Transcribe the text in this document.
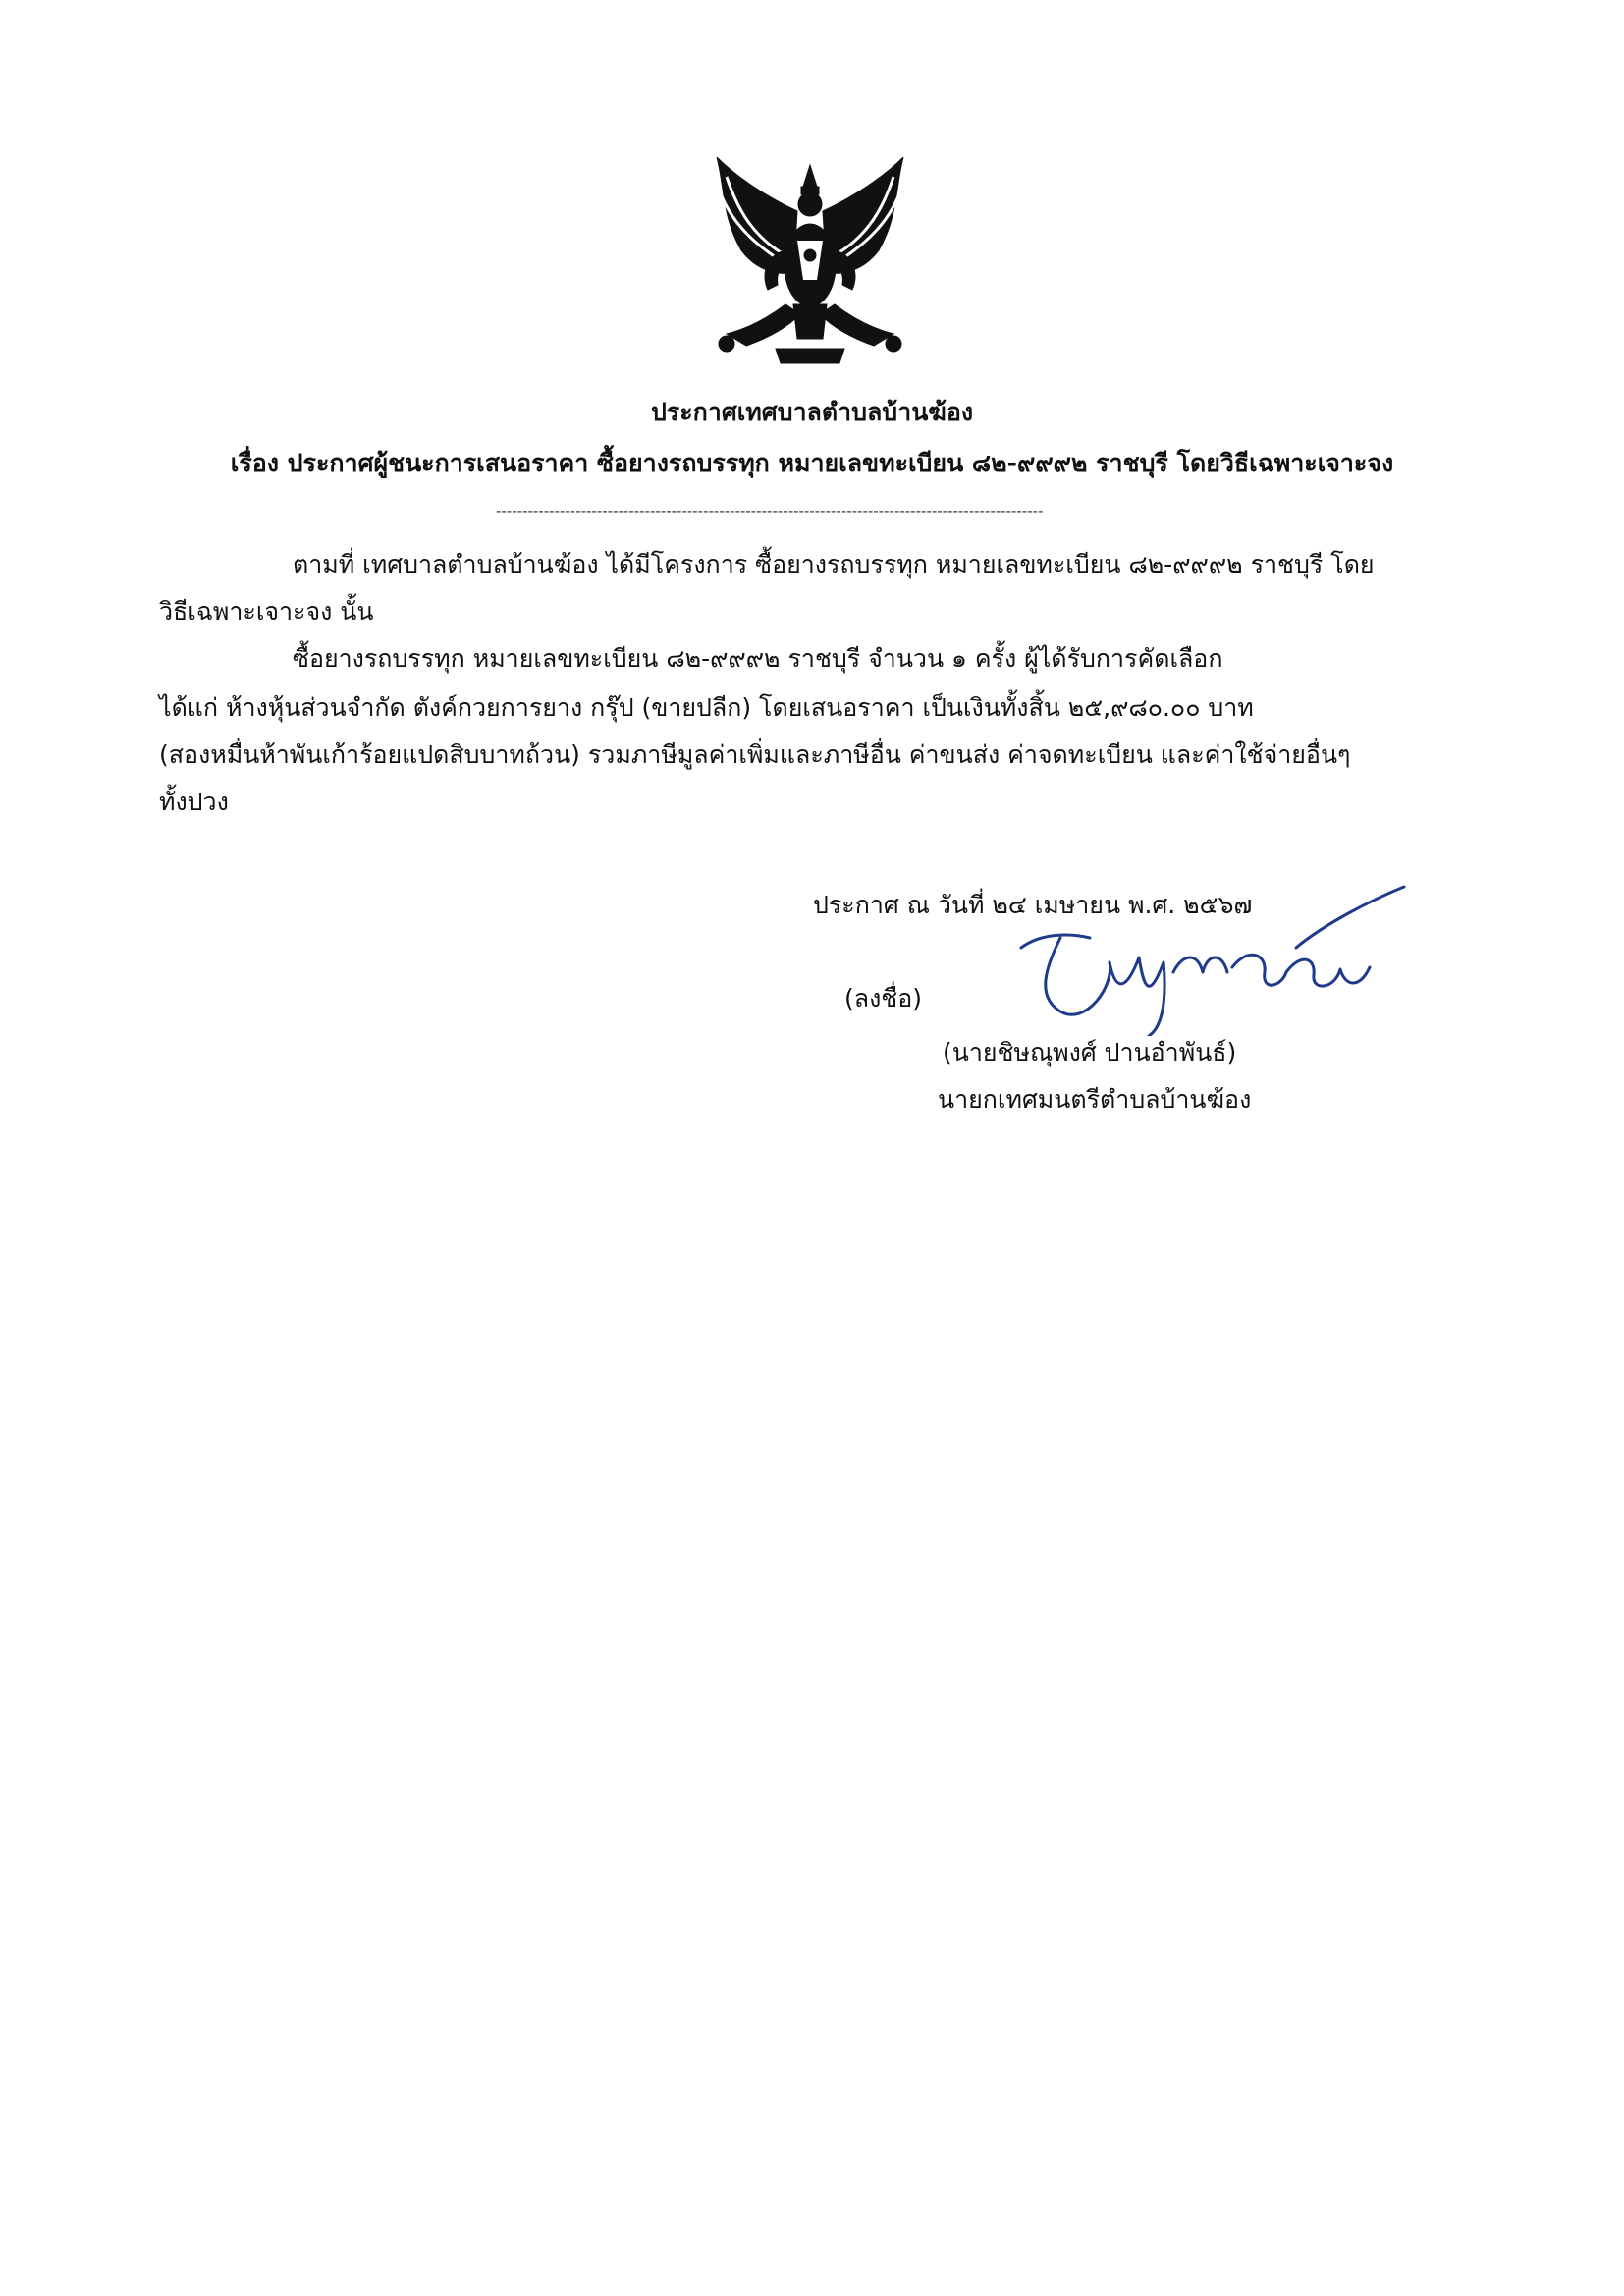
ประกาศเทศบาลตำบลบ้านฆ้อง
เรื่อง ประกาศผู้ชนะการเสนอราคา ซื้อยางรถบรรทุก หมายเลขทะเบียน ๘๒-๙๙๙๒ ราชบุรี โดยวิธีเฉพาะเจาะจง
-------------------------------------------------------------------------------------------------------
ตามที่ เทศบาลตำบลบ้านฆ้อง ได้มีโครงการ ซื้อยางรถบรรทุก หมายเลขทะเบียน ๘๒-๙๙๙๒ ราชบุรี โดย
วิธีเฉพาะเจาะจง นั้น
ซื้อยางรถบรรทุก หมายเลขทะเบียน ๘๒-๙๙๙๒ ราชบุรี จำนวน ๑ ครั้ง ผู้ได้รับการคัดเลือก
ได้แก่ ห้างหุ้นส่วนจำกัด ตังค์กวยการยาง กรุ๊ป (ขายปลีก) โดยเสนอราคา เป็นเงินทั้งสิ้น ๒๕,๙๘๐.๐๐ บาท
(สองหมื่นห้าพันเก้าร้อยแปดสิบบาทถ้วน) รวมภาษีมูลค่าเพิ่มและภาษีอื่น ค่าขนส่ง ค่าจดทะเบียน และค่าใช้จ่ายอื่นๆ
ทั้งปวง
ประกาศ ณ วันที่ ๒๔ เมษายน พ.ศ. ๒๕๖๗
(ลงชื่อ)
(นายชิษณุพงศ์ ปานอำพันธ์)
นายกเทศมนตรีตำบลบ้านฆ้อง
